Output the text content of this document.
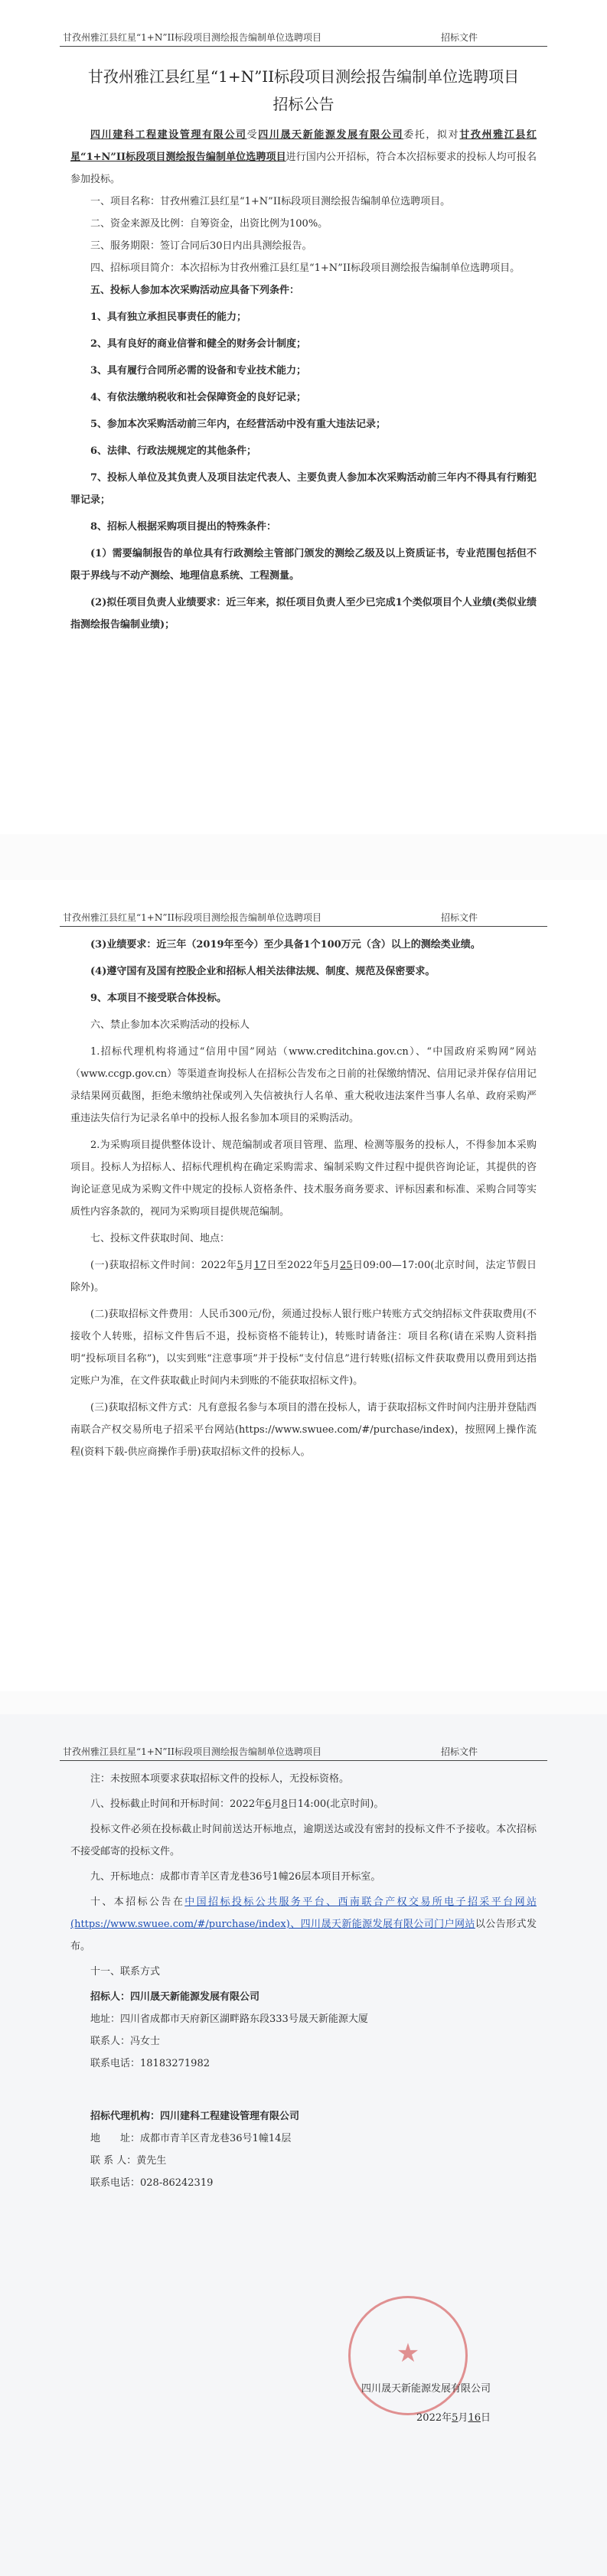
甘孜州雅江县红星“1+N”II标段项目测绘报告编制单位选聘项目	招标文件
甘孜州雅江县红星“1+N”II标段项目测绘报告编制单位选聘项目
招标公告

四川建科工程建设管理有限公司受四川晟天新能源发展有限公司委托，拟对甘孜州雅江县红星“1+N”II标段项目测绘报告编制单位选聘项目进行国内公开招标，符合本次招标要求的投标人均可报名参加投标。

一、项目名称：甘孜州雅江县红星“1+N”II标段项目测绘报告编制单位选聘项目。

二、资金来源及比例：自筹资金，出资比例为100%。

三、服务期限：签订合同后30日内出具测绘报告。

四、招标项目简介：本次招标为甘孜州雅江县红星“1+N”II标段项目测绘报告编制单位选聘项目。

五、投标人参加本次采购活动应具备下列条件：

1、具有独立承担民事责任的能力；

2、具有良好的商业信誉和健全的财务会计制度；

3、具有履行合同所必需的设备和专业技术能力；

4、有依法缴纳税收和社会保障资金的良好记录；

5、参加本次采购活动前三年内，在经营活动中没有重大违法记录；

6、法律、行政法规规定的其他条件；

7、投标人单位及其负责人及项目法定代表人、主要负责人参加本次采购活动前三年内不得具有行贿犯罪记录；

8、招标人根据采购项目提出的特殊条件：

(1）需要编制报告的单位具有行政测绘主管部门颁发的测绘乙级及以上资质证书，专业范围包括但不限于界线与不动产测绘、地理信息系统、工程测量。

(2)拟任项目负责人业绩要求：近三年来，拟任项目负责人至少已完成1个类似项目个人业绩(类似业绩指测绘报告编制业绩)；

甘孜州雅江县红星“1+N”II标段项目测绘报告编制单位选聘项目	招标文件

(3)业绩要求：近三年（2019年至今）至少具备1个100万元（含）以上的测绘类业绩。

(4)遵守国有及国有控股企业和招标人相关法律法规、制度、规范及保密要求。

9、本项目不接受联合体投标。

六、禁止参加本次采购活动的投标人

1.招标代理机构将通过“信用中国”网站（www.creditchina.gov.cn）、“中国政府采购网”网站（www.ccgp.gov.cn）等渠道查询投标人在招标公告发布之日前的社保缴纳情况、信用记录并保存信用记录结果网页截图，拒绝未缴纳社保或列入失信被执行人名单、重大税收违法案件当事人名单、政府采购严重违法失信行为记录名单中的投标人报名参加本项目的采购活动。

2.为采购项目提供整体设计、规范编制或者项目管理、监理、检测等服务的投标人，不得参加本采购项目。投标人为招标人、招标代理机构在确定采购需求、编制采购文件过程中提供咨询论证，其提供的咨询论证意见成为采购文件中规定的投标人资格条件、技术服务商务要求、评标因素和标准、采购合同等实质性内容条款的，视同为采购项目提供规范编制。

七、投标文件获取时间、地点：

(一)获取招标文件时间：2022年5月17日至2022年5月25日09:00—17:00(北京时间，法定节假日除外)。

(二)获取招标文件费用：人民币300元/份，须通过投标人银行账户转账方式交纳招标文件获取费用(不接收个人转账，招标文件售后不退，投标资格不能转让)，转账时请备注：项目名称(请在采购人资料指明“投标项目名称”)，以实到账“注意事项”并于投标“支付信息”进行转账(招标文件获取费用以费用到达指定账户为准，在文件获取截止时间内未到账的不能获取招标文件)。

(三)获取招标文件方式：凡有意报名参与本项目的潜在投标人，请于获取招标文件时间内注册并登陆西南联合产权交易所电子招采平台网站(https://www.swuee.com/#/purchase/index)，按照网上操作流程(资料下载-供应商操作手册)获取招标文件的投标人。

甘孜州雅江县红星“1+N”II标段项目测绘报告编制单位选聘项目	招标文件

注：未按照本项要求获取招标文件的投标人，无投标资格。

八、投标截止时间和开标时间：2022年6月8日14:00(北京时间)。

投标文件必须在投标截止时间前送达开标地点，逾期送达或没有密封的投标文件不予接收。本次招标不接受邮寄的投标文件。

九、开标地点：成都市青羊区青龙巷36号1幢26层本项目开标室。

十、本招标公告在中国招标投标公共服务平台、西南联合产权交易所电子招采平台网站(https://www.swuee.com/#/purchase/index)、四川晟天新能源发展有限公司门户网站以公告形式发布。

十一、联系方式

招标人：四川晟天新能源发展有限公司

地址：四川省成都市天府新区湖畔路东段333号晟天新能源大厦

联系人：冯女士

联系电话：18183271982

招标代理机构：四川建科工程建设管理有限公司

地　　址：成都市青羊区青龙巷36号1幢14层

联 系 人：黄先生

联系电话：028-86242319

★
四川晟天新能源发展有限公司
2022年5月16日
